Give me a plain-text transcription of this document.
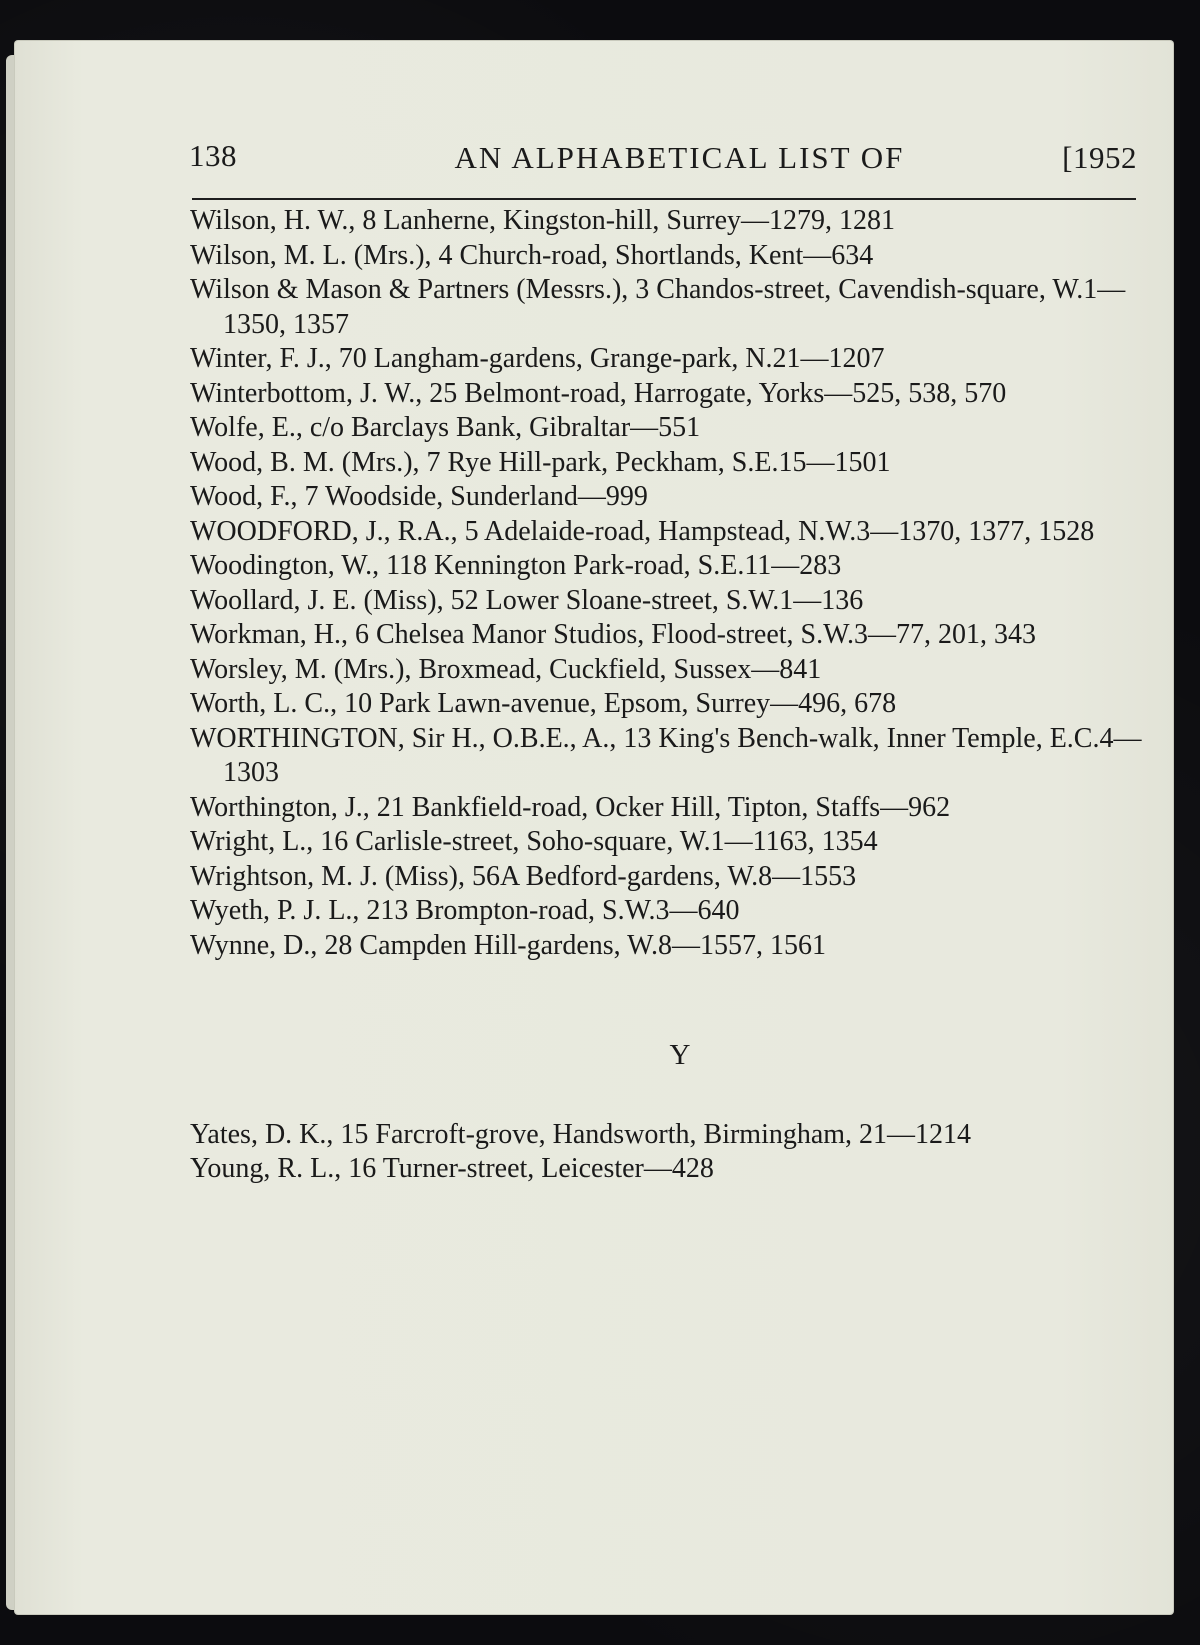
138	AN ALPHABETICAL LIST OF	[1952

Wilson, H. W., 8 Lanherne, Kingston-hill, Surrey—1279, 1281

Wilson, M. L. (Mrs.), 4 Church-road, Shortlands, Kent—634

Wilson & Mason & Partners (Messrs.), 3 Chandos-street, Cavendish-square, W.1—1350, 1357

Winter, F. J., 70 Langham-gardens, Grange-park, N.21—1207

Winterbottom, J. W., 25 Belmont-road, Harrogate, Yorks—525, 538, 570

Wolfe, E., c/o Barclays Bank, Gibraltar—551

Wood, B. M. (Mrs.), 7 Rye Hill-park, Peckham, S.E.15—1501

Wood, F., 7 Woodside, Sunderland—999

WOODFORD, J., R.A., 5 Adelaide-road, Hampstead, N.W.3—1370, 1377, 1528

Woodington, W., 118 Kennington Park-road, S.E.11—283

Woollard, J. E. (Miss), 52 Lower Sloane-street, S.W.1—136

Workman, H., 6 Chelsea Manor Studios, Flood-street, S.W.3—77, 201, 343

Worsley, M. (Mrs.), Broxmead, Cuckfield, Sussex—841

Worth, L. C., 10 Park Lawn-avenue, Epsom, Surrey—496, 678

WORTHINGTON, Sir H., O.B.E., A., 13 King's Bench-walk, Inner Temple, E.C.4—1303

Worthington, J., 21 Bankfield-road, Ocker Hill, Tipton, Staffs—962

Wright, L., 16 Carlisle-street, Soho-square, W.1—1163, 1354

Wrightson, M. J. (Miss), 56A Bedford-gardens, W.8—1553

Wyeth, P. J. L., 213 Brompton-road, S.W.3—640

Wynne, D., 28 Campden Hill-gardens, W.8—1557, 1561

Y

Yates, D. K., 15 Farcroft-grove, Handsworth, Birmingham, 21—1214

Young, R. L., 16 Turner-street, Leicester—428
